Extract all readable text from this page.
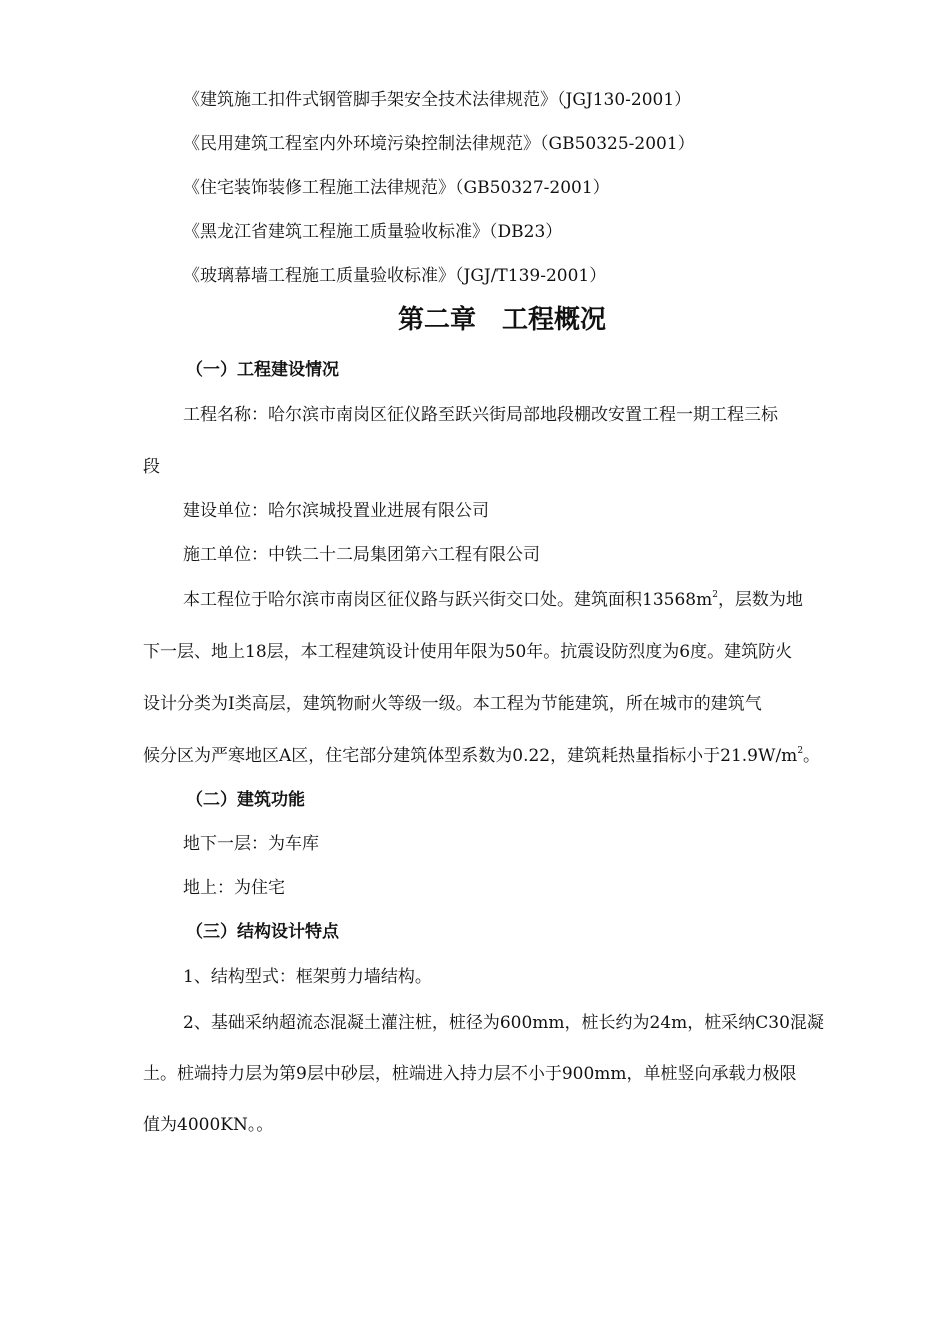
《建筑施工扣件式钢管脚手架安全技术法律规范》（JGJ130-2001）
《民用建筑工程室内外环境污染控制法律规范》（GB50325-2001）
《住宅装饰装修工程施工法律规范》（GB50327-2001）
《黑龙江省建筑工程施工质量验收标准》（DB23）
《玻璃幕墙工程施工质量验收标准》（JGJ/T139-2001）
第二章　工程概况
（一）工程建设情况
工程名称：哈尔滨市南岗区征仪路至跃兴街局部地段棚改安置工程一期工程三标
段
建设单位：哈尔滨城投置业进展有限公司
施工单位：中铁二十二局集团第六工程有限公司
本工程位于哈尔滨市南岗区征仪路与跃兴街交口处。建筑面积$13568m^2$，层数为地
下一层、地上18层，本工程建筑设计使用年限为50年。抗震设防烈度为6度。建筑防火
设计分类为Ⅰ类高层，建筑物耐火等级一级。本工程为节能建筑，所在城市的建筑气
候分区为严寒地区A区，住宅部分建筑体型系数为0.22，建筑耗热量指标小于$21.9W/m^2$。
（二）建筑功能
地下一层：为车库
地上：为住宅
（三）结构设计特点
1、结构型式：框架剪力墙结构。
2、基础采纳超流态混凝土灌注桩，桩径为600mm，桩长约为24m，桩采纳C30混凝
土。桩端持力层为第9层中砂层，桩端进入持力层不小于900mm，单桩竖向承载力极限
值为4000KN。。
